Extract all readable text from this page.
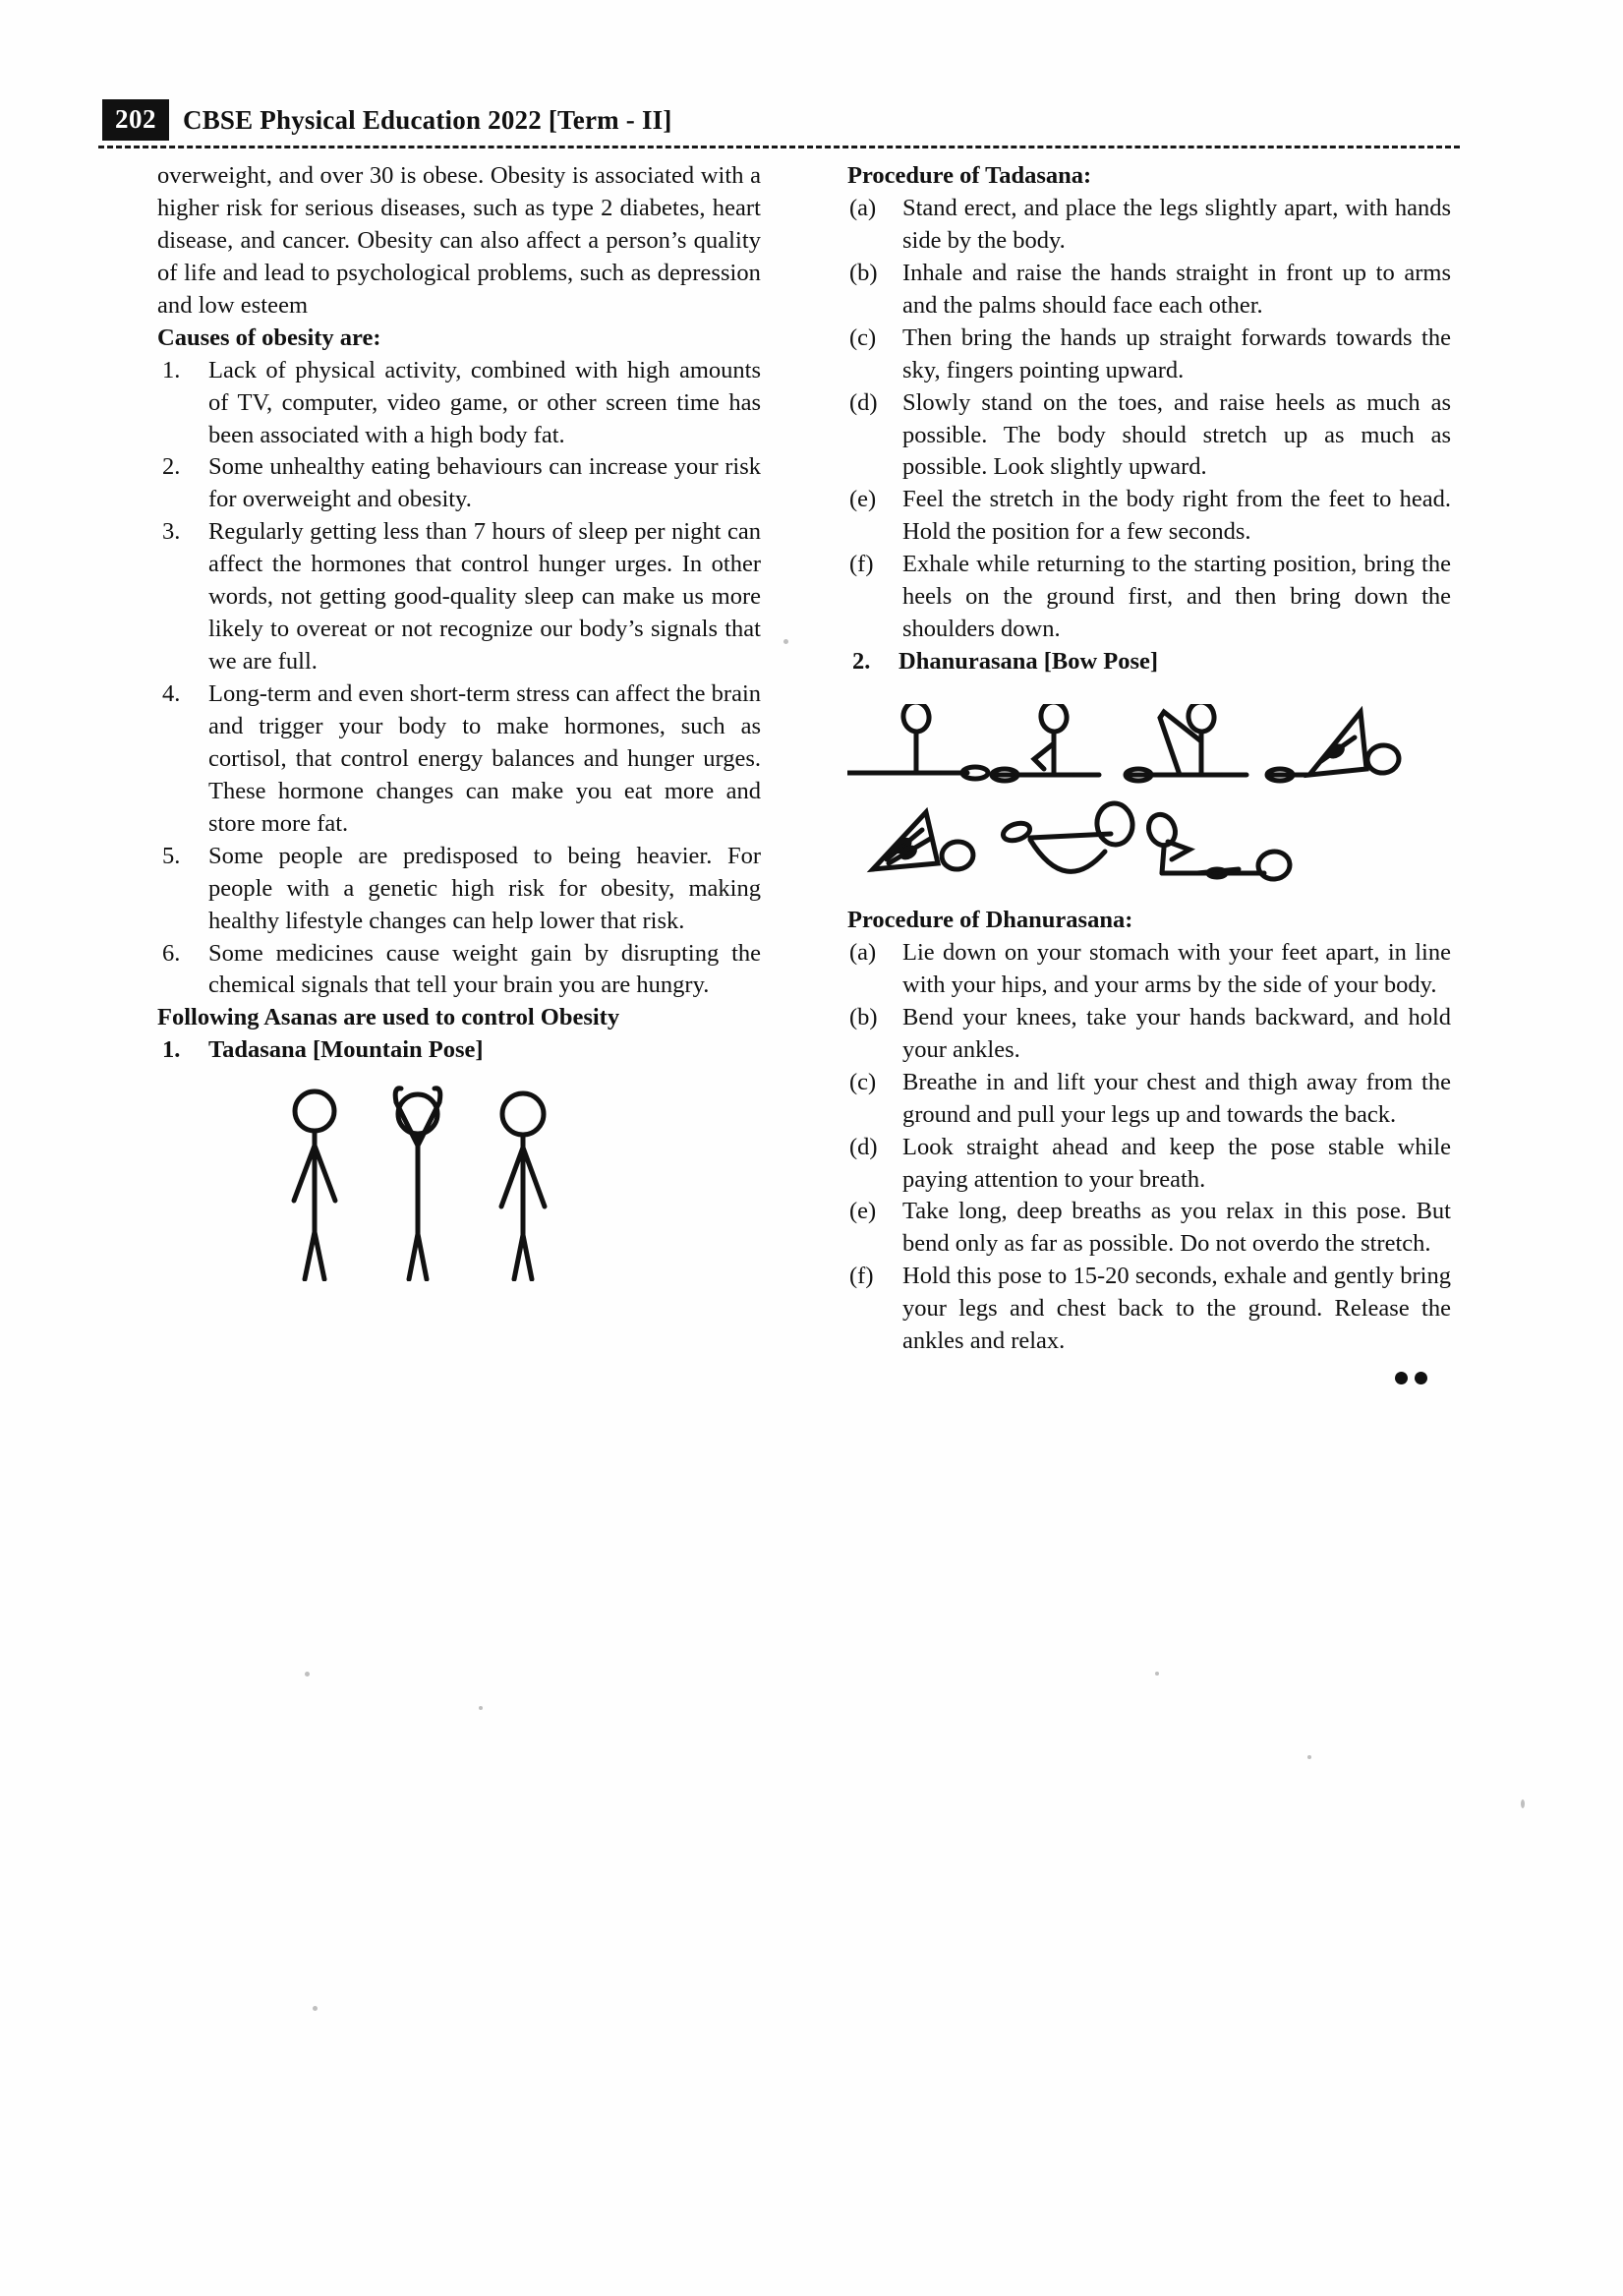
202	CBSE Physical Education 2022 [Term - II]

overweight, and over 30 is obese. Obesity is associated with a higher risk for serious diseases, such as type 2 diabetes, heart disease, and cancer. Obesity can also affect a person’s quality of life and lead to psychological problems, such as depression and low esteem

Causes of obesity are:

1.	Lack of physical activity, combined with high amounts of TV, computer, video game, or other screen time has been associated with a high body fat.
2.	Some unhealthy eating behaviours can increase your risk for overweight and obesity.
3.	Regularly getting less than 7 hours of sleep per night can affect the hormones that control hunger urges. In other words, not getting good-quality sleep can make us more likely to overeat or not recognize our body’s signals that we are full.
4.	Long-term and even short-term stress can affect the brain and trigger your body to make hormones, such as cortisol, that control energy balances and hunger urges. These hormone changes can make you eat more and store more fat.
5.	Some people are predisposed to being heavier. For people with a genetic high risk for obesity, making healthy lifestyle changes can help lower that risk.
6.	Some medicines cause weight gain by disrupting the chemical signals that tell your brain you are hungry.

Following Asanas are used to control Obesity

1.	Tadasana [Mountain Pose]

Procedure of Tadasana:

(a)	Stand erect, and place the legs slightly apart, with hands side by the body.
(b)	Inhale and raise the hands straight in front up to arms and the palms should face each other.
(c)	Then bring the hands up straight forwards towards the sky, fingers pointing upward.
(d)	Slowly stand on the toes, and raise heels as much as possible. The body should stretch up as much as possible. Look slightly upward.
(e)	Feel the stretch in the body right from the feet to head. Hold the position for a few seconds.
(f)	Exhale while returning to the starting position, bring the heels on the ground first, and then bring down the shoulders down.
2.	Dhanurasana [Bow Pose]

Procedure of Dhanurasana:

(a)	Lie down on your stomach with your feet apart, in line with your hips, and your arms by the side of your body.
(b)	Bend your knees, take your hands backward, and hold your ankles.
(c)	Breathe in and lift your chest and thigh away from the ground and pull your legs up and towards the back.
(d)	Look straight ahead and keep the pose stable while paying attention to your breath.
(e)	Take long, deep breaths as you relax in this pose. But bend only as far as possible. Do not overdo the stretch.
(f)	Hold this pose to 15-20 seconds, exhale and gently bring your legs and chest back to the ground. Release the ankles and relax.
